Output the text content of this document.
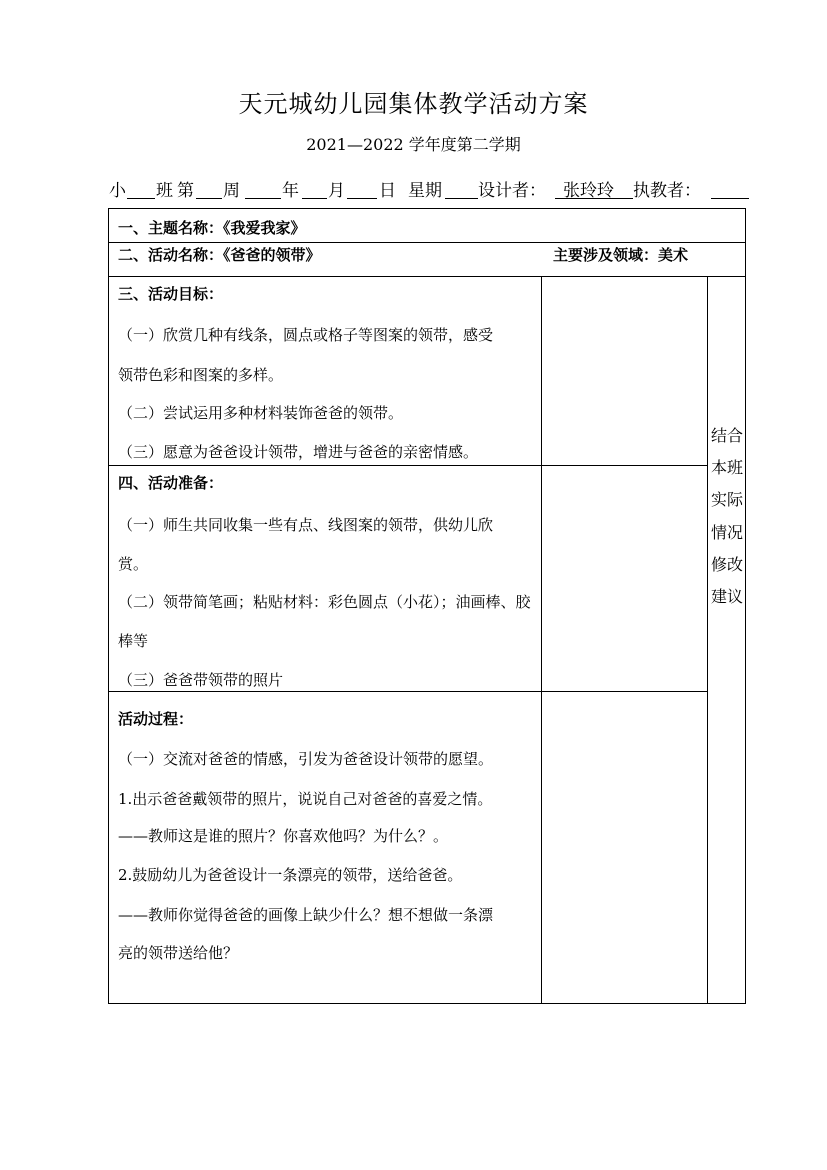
天元城幼儿园集体教学活动方案
2021—2022 学年度第二学期
小 班 第 周 年 月 日 星期 设计者： 张玲玲 执教者：
一、主题名称：《我爱我家》
二、活动名称：《爸爸的领带》	主要涉及领域：美术
三、活动目标：
（一）欣赏几种有线条，圆点或格子等图案的领带，感受
领带色彩和图案的多样。
（二）尝试运用多种材料装饰爸爸的领带。
（三）愿意为爸爸设计领带，增进与爸爸的亲密情感。
四、活动准备：
（一）师生共同收集一些有点、线图案的领带，供幼儿欣
赏。
（二）领带简笔画；粘贴材料：彩色圆点（小花）；油画棒、胶
棒等
（三）爸爸带领带的照片
活动过程：
（一）交流对爸爸的情感，引发为爸爸设计领带的愿望。
1.出示爸爸戴领带的照片，说说自己对爸爸的喜爱之情。
——教师这是谁的照片？你喜欢他吗？为什么？。
2.鼓励幼儿为爸爸设计一条漂亮的领带，送给爸爸。
——教师你觉得爸爸的画像上缺少什么？想不想做一条漂
亮的领带送给他？
结合本班实际情况修改建议
